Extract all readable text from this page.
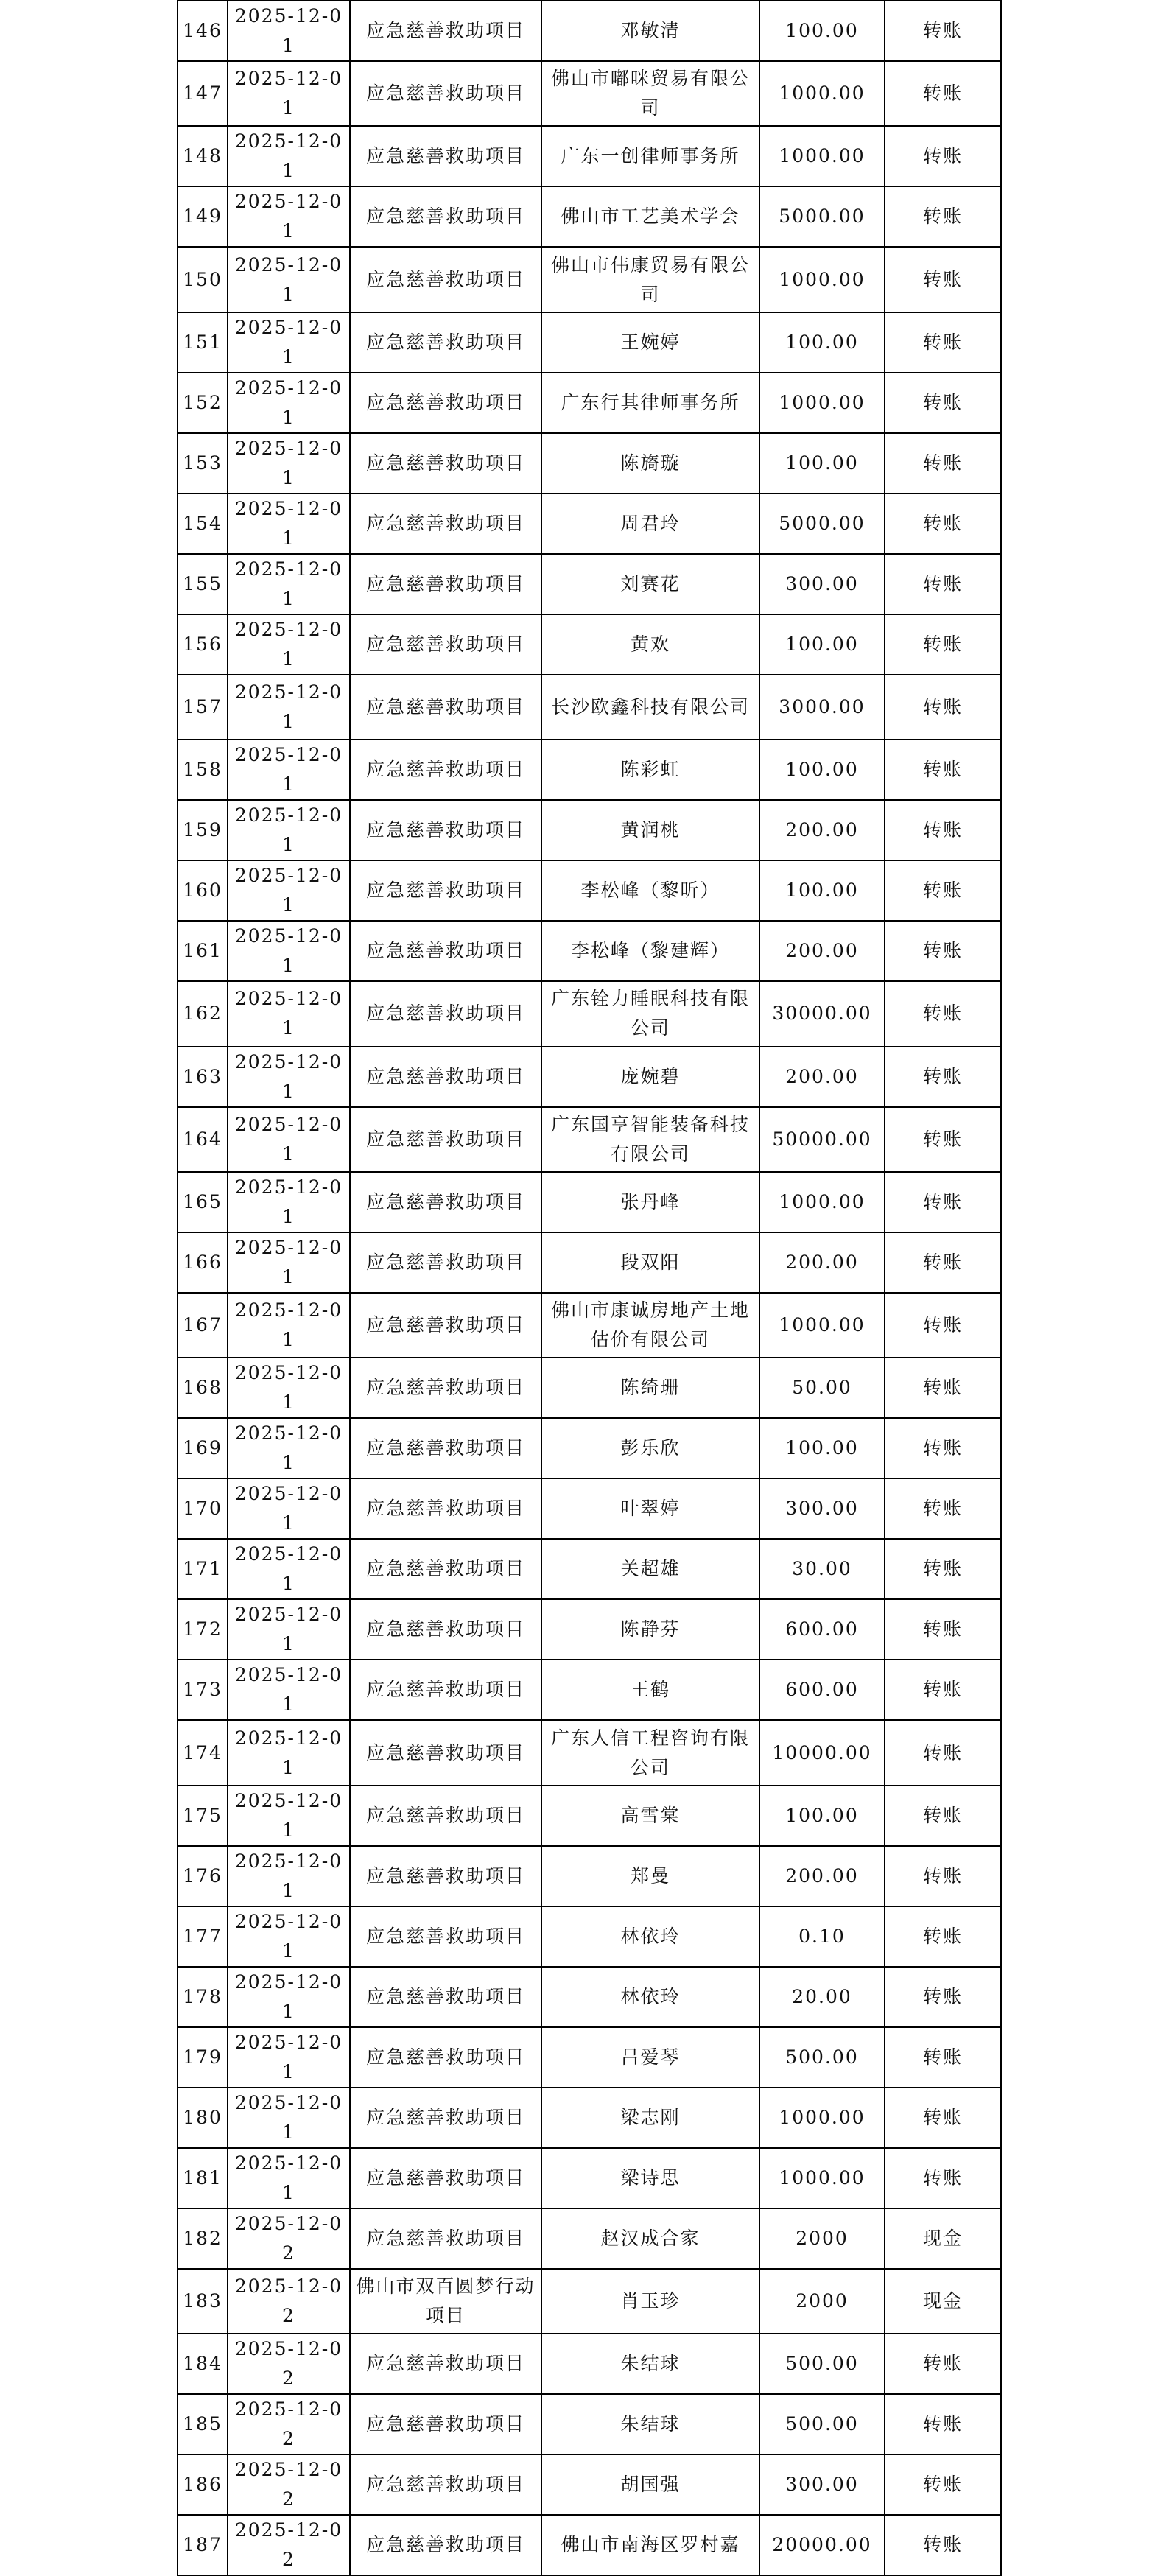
146	2025-12-01	应急慈善救助项目	邓敏清	100.00	转账
147	2025-12-01	应急慈善救助项目	佛山市嘟咪贸易有限公司	1000.00	转账
148	2025-12-01	应急慈善救助项目	广东一创律师事务所	1000.00	转账
149	2025-12-01	应急慈善救助项目	佛山市工艺美术学会	5000.00	转账
150	2025-12-01	应急慈善救助项目	佛山市伟康贸易有限公司	1000.00	转账
151	2025-12-01	应急慈善救助项目	王婉婷	100.00	转账
152	2025-12-01	应急慈善救助项目	广东行其律师事务所	1000.00	转账
153	2025-12-01	应急慈善救助项目	陈旖璇	100.00	转账
154	2025-12-01	应急慈善救助项目	周君玲	5000.00	转账
155	2025-12-01	应急慈善救助项目	刘赛花	300.00	转账
156	2025-12-01	应急慈善救助项目	黄欢	100.00	转账
157	2025-12-01	应急慈善救助项目	长沙欧鑫科技有限公司	3000.00	转账
158	2025-12-01	应急慈善救助项目	陈彩虹	100.00	转账
159	2025-12-01	应急慈善救助项目	黄润桃	200.00	转账
160	2025-12-01	应急慈善救助项目	李松峰（黎昕）	100.00	转账
161	2025-12-01	应急慈善救助项目	李松峰（黎建辉）	200.00	转账
162	2025-12-01	应急慈善救助项目	广东铨力睡眠科技有限公司	30000.00	转账
163	2025-12-01	应急慈善救助项目	庞婉碧	200.00	转账
164	2025-12-01	应急慈善救助项目	广东国亨智能装备科技有限公司	50000.00	转账
165	2025-12-01	应急慈善救助项目	张丹峰	1000.00	转账
166	2025-12-01	应急慈善救助项目	段双阳	200.00	转账
167	2025-12-01	应急慈善救助项目	佛山市康诚房地产土地估价有限公司	1000.00	转账
168	2025-12-01	应急慈善救助项目	陈绮珊	50.00	转账
169	2025-12-01	应急慈善救助项目	彭乐欣	100.00	转账
170	2025-12-01	应急慈善救助项目	叶翠婷	300.00	转账
171	2025-12-01	应急慈善救助项目	关超雄	30.00	转账
172	2025-12-01	应急慈善救助项目	陈静芬	600.00	转账
173	2025-12-01	应急慈善救助项目	王鹤	600.00	转账
174	2025-12-01	应急慈善救助项目	广东人信工程咨询有限公司	10000.00	转账
175	2025-12-01	应急慈善救助项目	高雪棠	100.00	转账
176	2025-12-01	应急慈善救助项目	郑曼	200.00	转账
177	2025-12-01	应急慈善救助项目	林依玲	0.10	转账
178	2025-12-01	应急慈善救助项目	林依玲	20.00	转账
179	2025-12-01	应急慈善救助项目	吕爱琴	500.00	转账
180	2025-12-01	应急慈善救助项目	梁志刚	1000.00	转账
181	2025-12-01	应急慈善救助项目	梁诗思	1000.00	转账
182	2025-12-02	应急慈善救助项目	赵汉成合家	2000	现金
183	2025-12-02	佛山市双百圆梦行动项目	肖玉珍	2000	现金
184	2025-12-02	应急慈善救助项目	朱结球	500.00	转账
185	2025-12-02	应急慈善救助项目	朱结球	500.00	转账
186	2025-12-02	应急慈善救助项目	胡国强	300.00	转账
187	2025-12-02	应急慈善救助项目	佛山市南海区罗村嘉	20000.00	转账
